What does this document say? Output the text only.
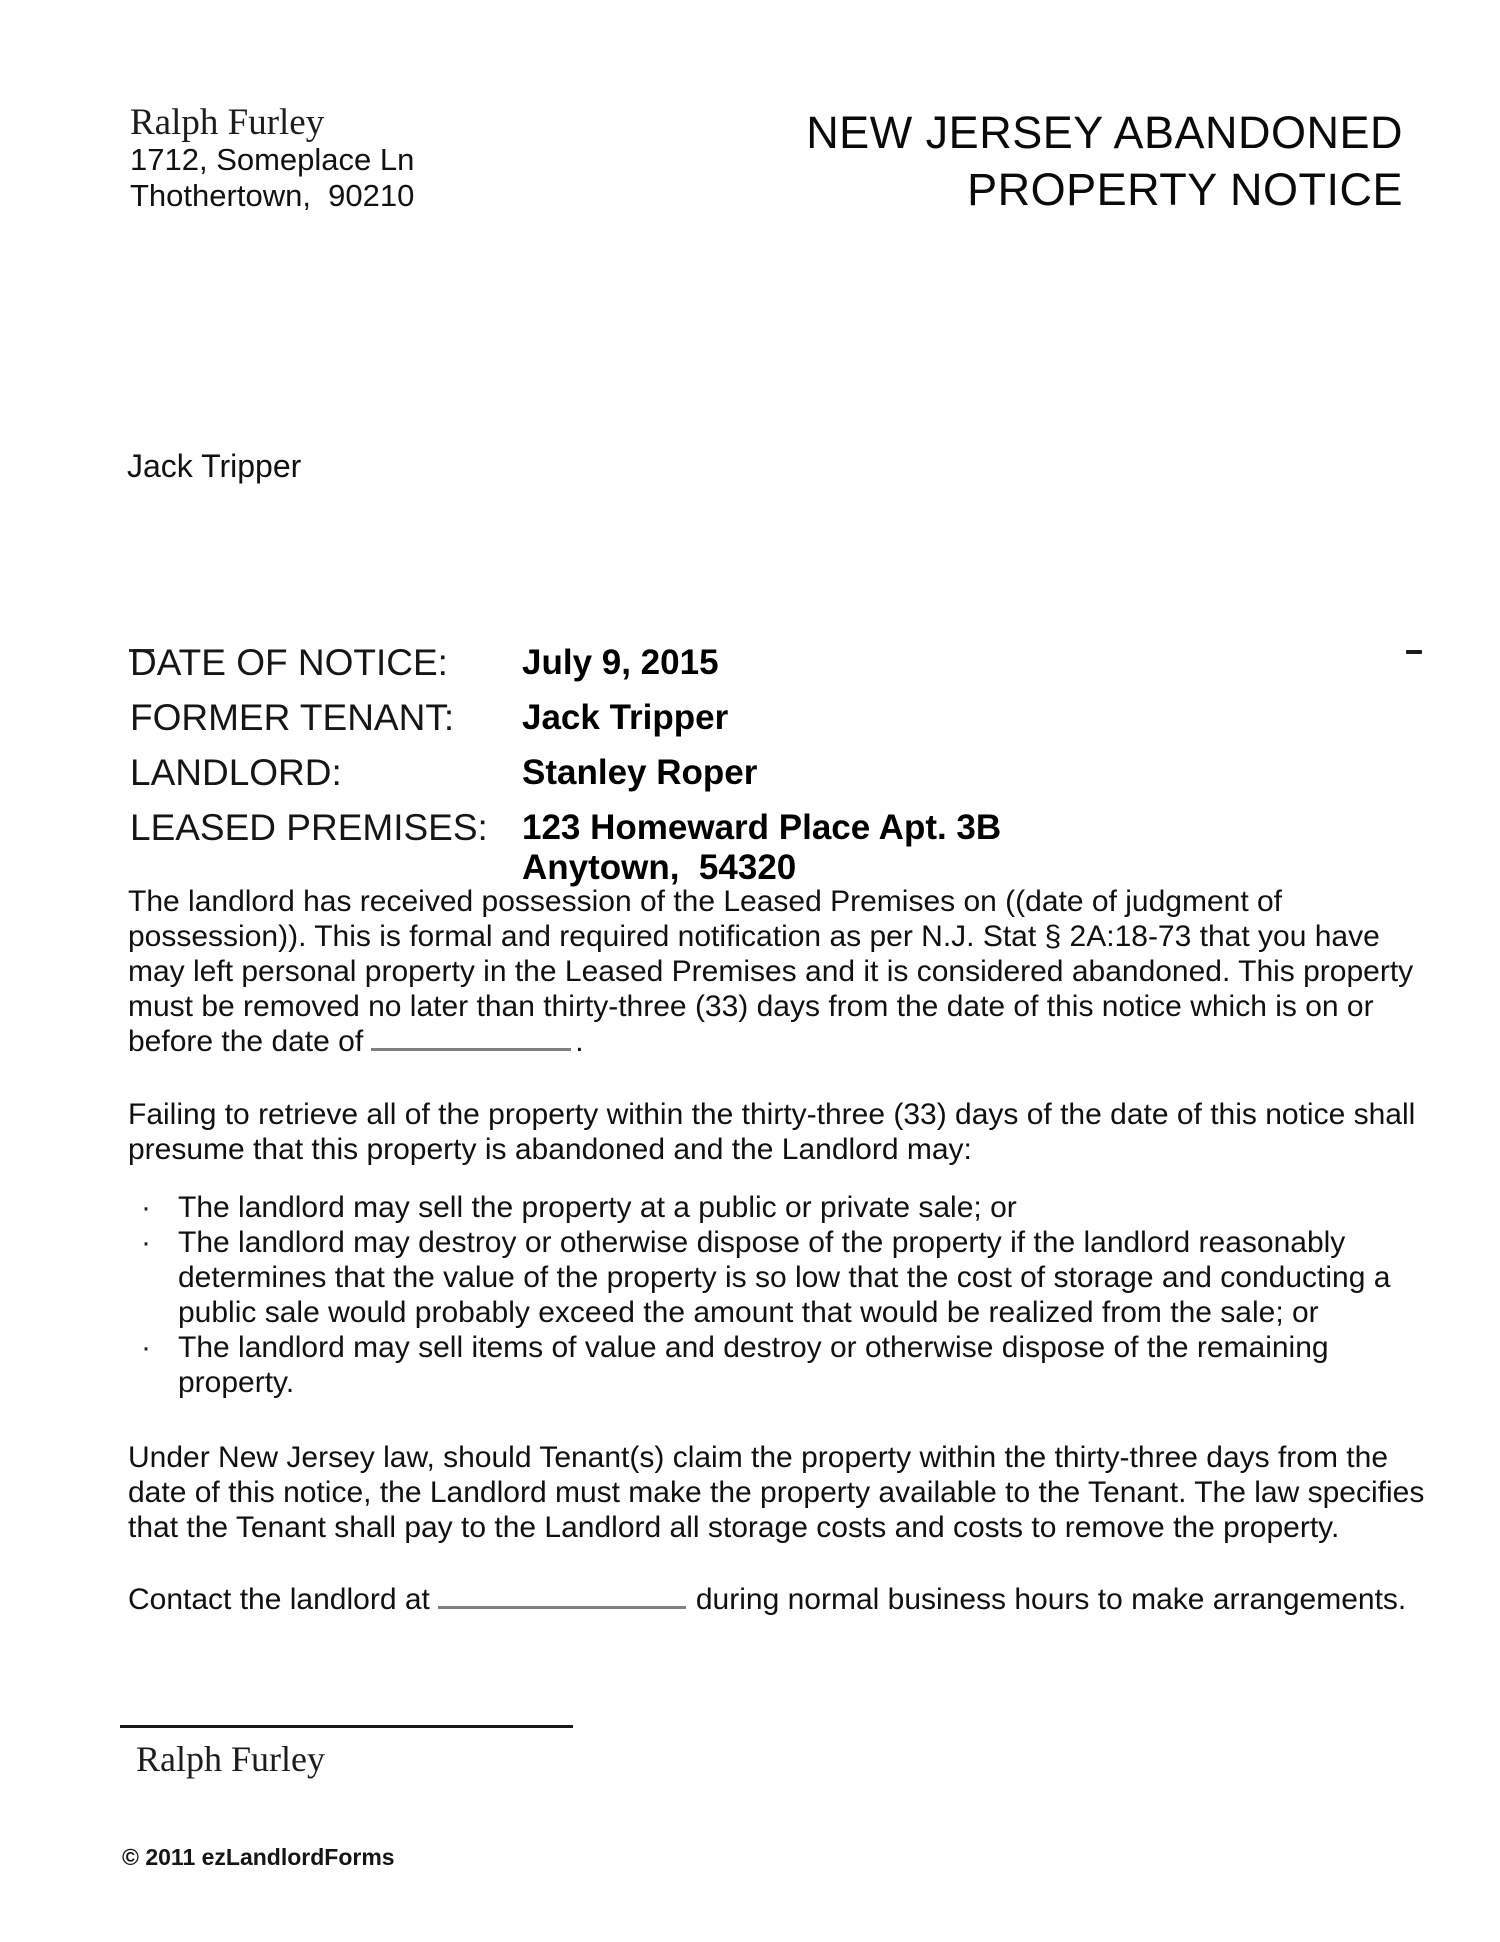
Ralph Furley
1712, Someplace Ln
Thothertown,  90210
NEW JERSEY ABANDONED
PROPERTY NOTICE
Jack Tripper
DATE OF NOTICE:	July 9, 2015
FORMER TENANT:	Jack Tripper
LANDLORD:	Stanley Roper
LEASED PREMISES: 123 Homeward Place Apt. 3B
Anytown,  54320
The landlord has received possession of the Leased Premises on ((date of judgment of
possession)). This is formal and required notification as per N.J. Stat § 2A:18-73 that you have
may left personal property in the Leased Premises and it is considered abandoned. This property
must be removed no later than thirty-three (33) days from the date of this notice which is on or
before the date of	.
Failing to retrieve all of the property within the thirty-three (33) days of the date of this notice shall
presume that this property is abandoned and the Landlord may:
· The landlord may sell the property at a public or private sale; or
· The landlord may destroy or otherwise dispose of the property if the landlord reasonably
determines that the value of the property is so low that the cost of storage and conducting a
public sale would probably exceed the amount that would be realized from the sale; or
· The landlord may sell items of value and destroy or otherwise dispose of the remaining
property.
Under New Jersey law, should Tenant(s) claim the property within the thirty-three days from the
date of this notice, the Landlord must make the property available to the Tenant. The law specifies
that the Tenant shall pay to the Landlord all storage costs and costs to remove the property.
Contact the landlord at	during normal business hours to make arrangements.
Ralph Furley
© 2011 ezLandlordForms
